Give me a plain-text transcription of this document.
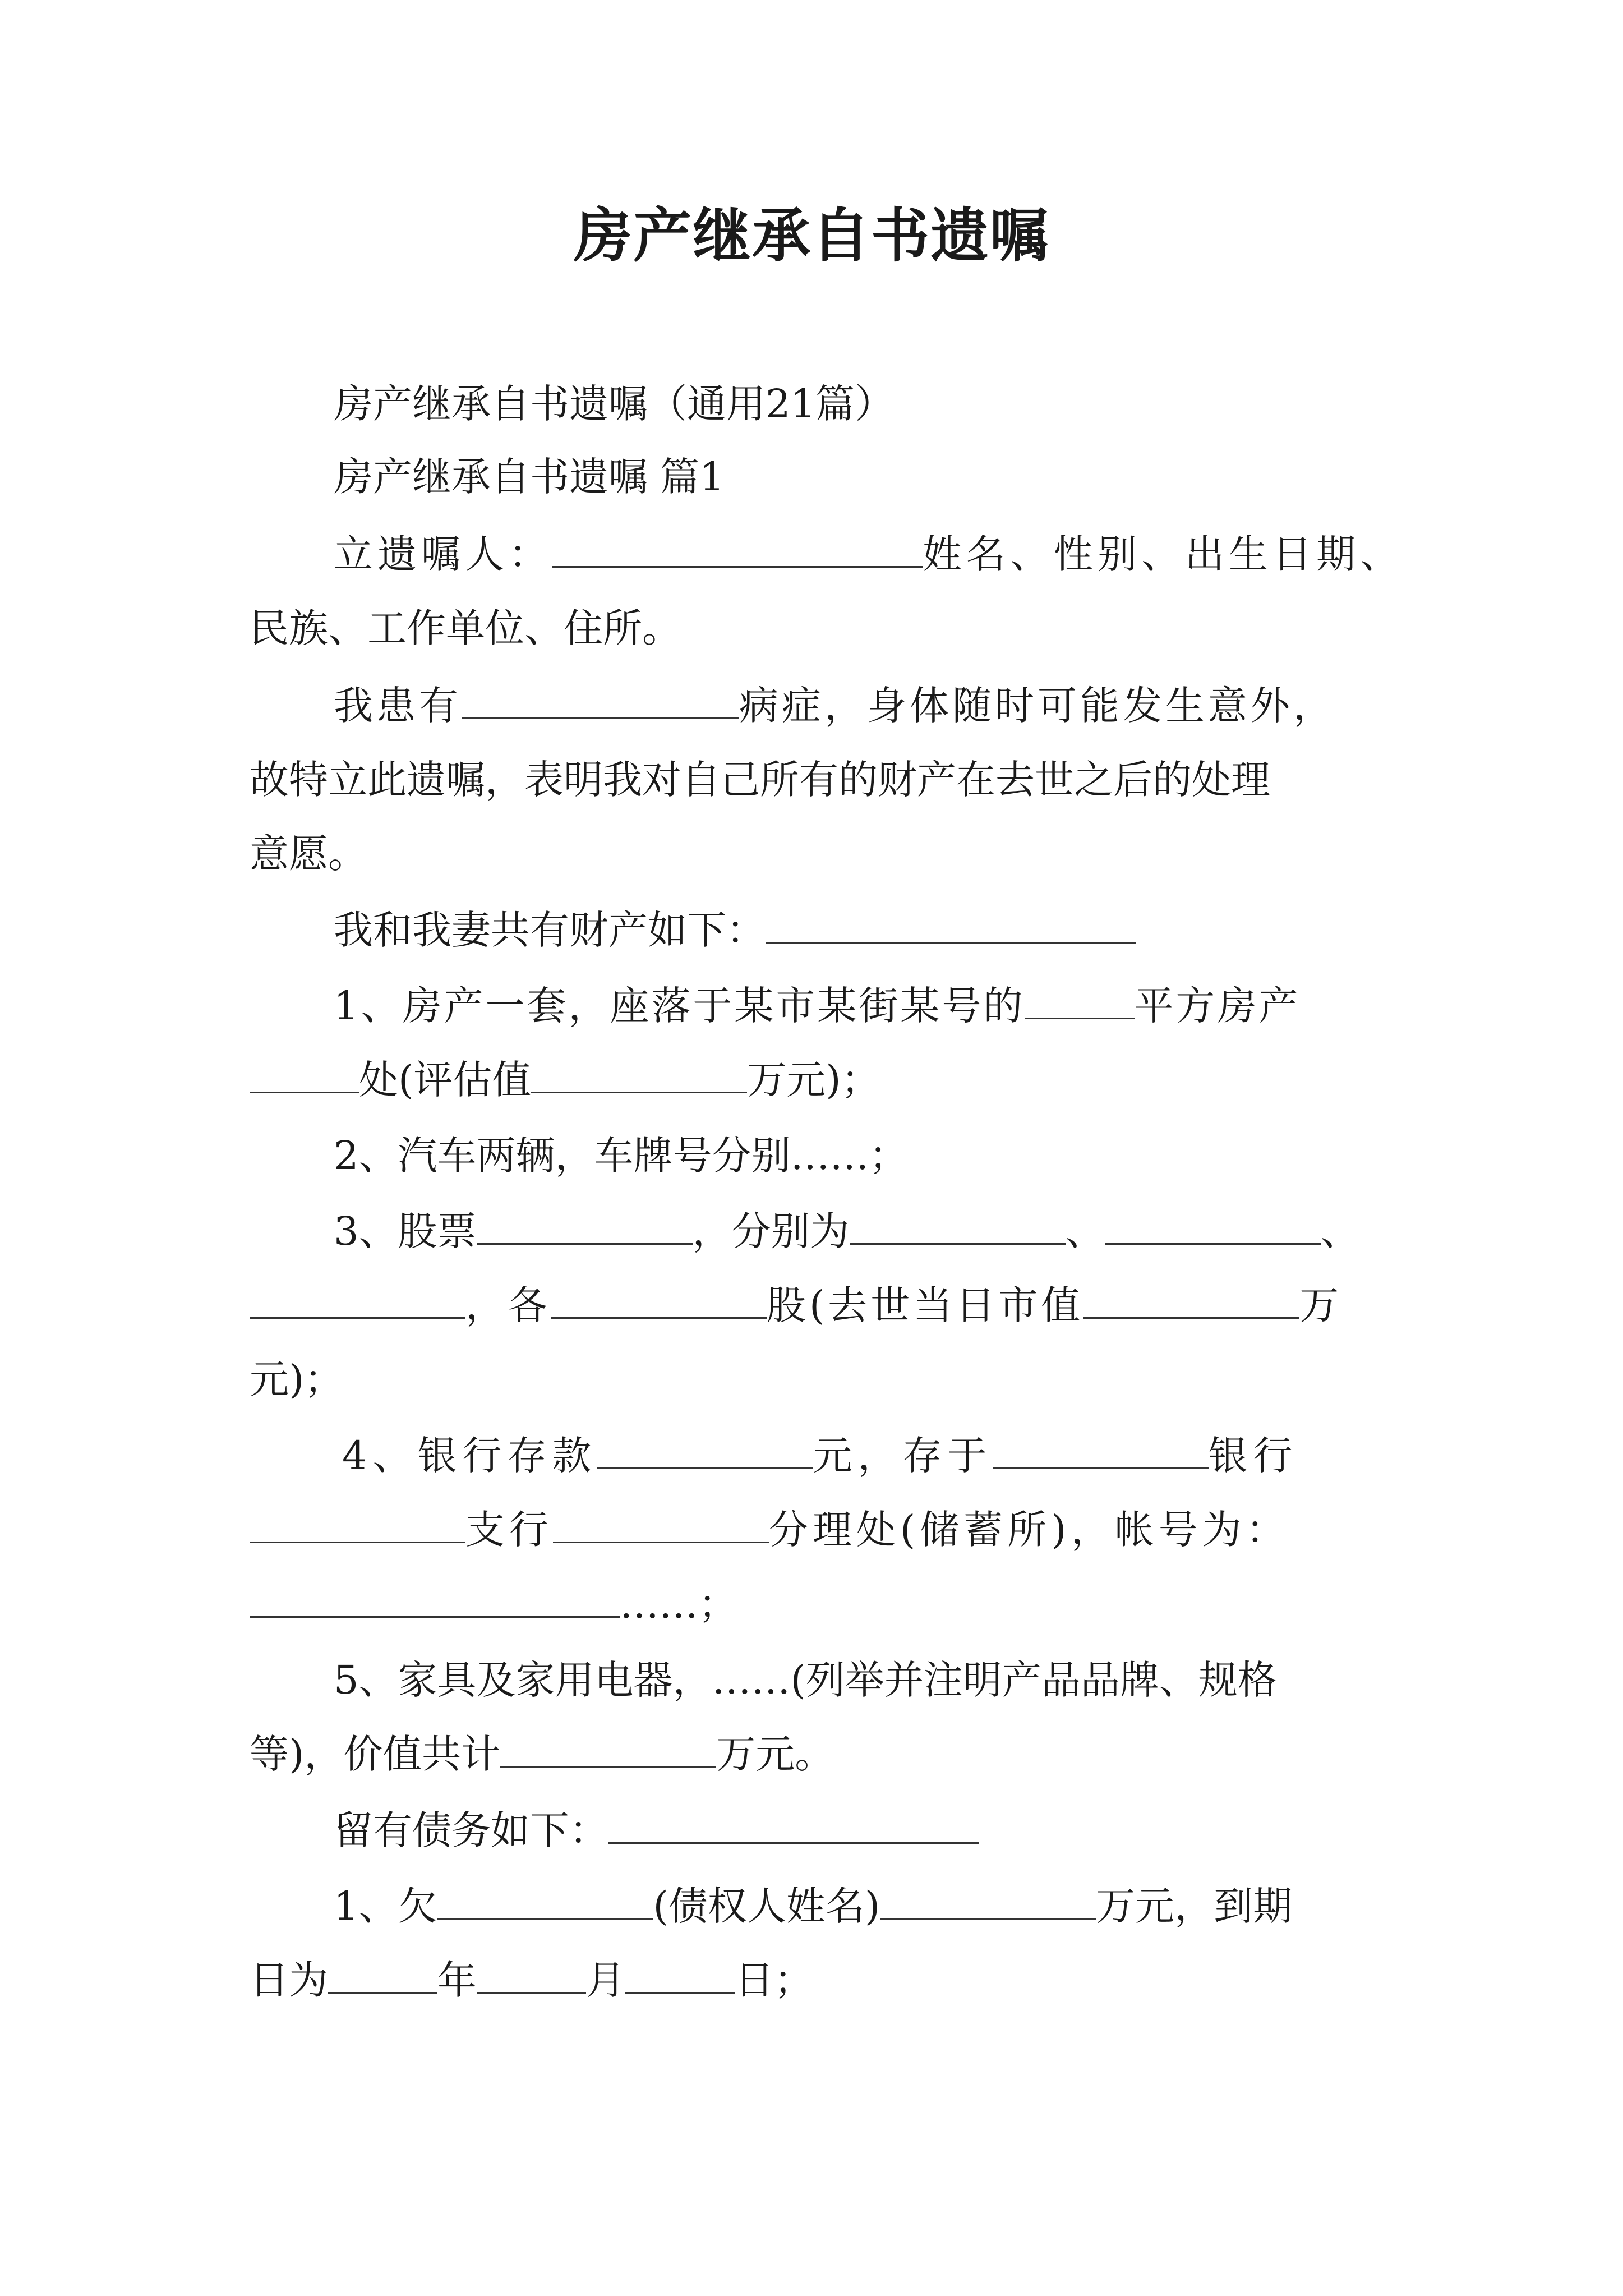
房产继承自书遗嘱
房产继承自书遗嘱（通用21篇）
房产继承自书遗嘱 篇1
立遗嘱人：	姓名、性别、出生日期、
民族、工作单位、住所。
我患有	病症，身体随时可能发生意外，
故特立此遗嘱，表明我对自己所有的财产在去世之后的处理
意愿。
我和我妻共有财产如下：
1、房产一套，座落于某市某街某号的	平方房产
处(评估值	万元)；
2、汽车两辆，车牌号分别……；
3、股票	，分别为	、	、
，各	股(去世当日市值	万
元)；
4、银行存款	元，存于	银行
支行	分理处(储蓄所)，帐号为：
……；
5、家具及家用电器，……(列举并注明产品品牌、规格
等)，价值共计	万元。
留有债务如下：
1、欠	(债权人姓名)	万元，到期
日为	年	月	日；
